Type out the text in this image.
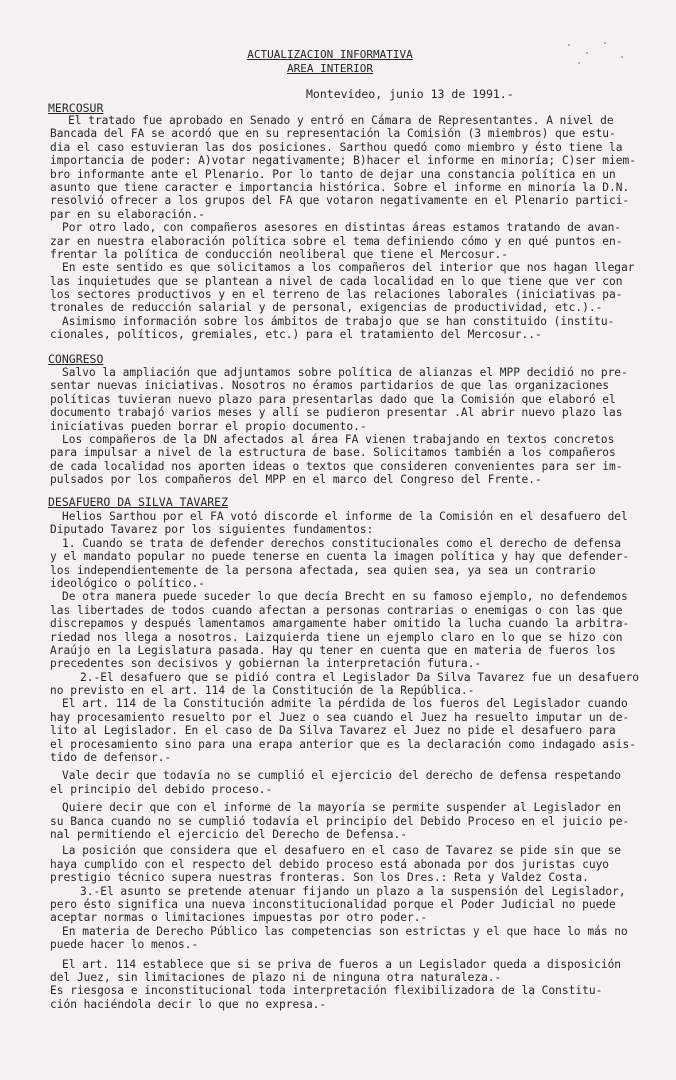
ACTUALIZACION INFORMATIVA
AREA INTERIOR
Montevideo, junio 13 de 1991.-
MERCOSUR
El tratado fue aprobado en Senado y entró en Cámara de Representantes. A nivel de
Bancada del FA se acordó que en su representación la Comisión (3 miembros) que estu-
dia el caso estuvieran las dos posiciones. Sarthou quedó como miembro y ésto tiene la
importancia de poder: A)votar negativamente; B)hacer el informe en minoría; C)ser miem-
bro informante ante el Plenario. Por lo tanto de dejar una constancia política en un
asunto que tiene caracter e importancia histórica. Sobre el informe en minoría la D.N.
resolvió ofrecer a los grupos del FA que votaron negativamente en el Plenario partici-
par en su elaboración.-
Por otro lado, con compañeros asesores en distintas áreas estamos tratando de avan-
zar en nuestra elaboración política sobre el tema definiendo cómo y en qué puntos en-
frentar la política de conducción neoliberal que tiene el Mercosur.-
En este sentido es que solicitamos a los compañeros del interior que nos hagan llegar
las inquietudes que se plantean a nivel de cada localidad en lo que tiene que ver con
los sectores productivos y en el terreno de las relaciones laborales (iniciativas pa-
tronales de reducción salarial y de personal, exigencias de productividad, etc.).-
Asimismo información sobre los ámbitos de trabajo que se han constituido (institu-
cionales, políticos, gremiales, etc.) para el tratamiento del Mercosur..-
CONGRESO
Salvo la ampliación que adjuntamos sobre política de alianzas el MPP decidió no pre-
sentar nuevas iniciativas. Nosotros no éramos partidarios de que las organizaciones
políticas tuvieran nuevo plazo para presentarlas dado que la Comisión que elaboró el
documento trabajó varios meses y allí se pudieron presentar .Al abrir nuevo plazo las
iniciativas pueden borrar el propio documento.-
Los compañeros de la DN afectados al área FA vienen trabajando en textos concretos
para impulsar a nivel de la estructura de base. Solicitamos también a los compañeros
de cada localidad nos aporten ideas o textos que consideren convenientes para ser im-
pulsados por los compañeros del MPP en el marco del Congreso del Frente.-
DESAFUERO DA SILVA TAVAREZ
Helios Sarthou por el FA votó discorde el informe de la Comisión en el desafuero del
Diputado Tavarez por los siguientes fundamentos:
1. Cuando se trata de defender derechos constitucionales como el derecho de defensa
y el mandato popular no puede tenerse en cuenta la imagen política y hay que defender-
los independientemente de la persona afectada, sea quien sea, ya sea un contrario
ideológico o político.-
De otra manera puede suceder lo que decía Brecht en su famoso ejemplo, no defendemos
las libertades de todos cuando afectan a personas contrarias o enemigas o con las que
discrepamos y después lamentamos amargamente haber omitido la lucha cuando la arbitra-
riedad nos llega a nosotros. Laizquierda tiene un ejemplo claro en lo que se hizo con
Araújo en la Legislatura pasada. Hay qu tener en cuenta que en materia de fueros los
precedentes son decisivos y gobiernan la interpretación futura.-
2.-El desafuero que se pidió contra el Legislador Da Silva Tavarez fue un desafuero
no previsto en el art. 114 de la Constitución de la República.-
El art. 114 de la Constitución admite la pérdida de los fueros del Legislador cuando
hay procesamiento resuelto por el Juez o sea cuando el Juez ha resuelto imputar un de-
lito al Legislador. En el caso de Da Silva Tavarez el Juez no pide el desafuero para
el procesamiento sino para una erapa anterior que es la declaración como indagado asis-
tido de defensor.-
Vale decir que todavía no se cumplió el ejercicio del derecho de defensa respetando
el principio del debido proceso.-
Quiere decir que con el informe de la mayoría se permite suspender al Legislador en
su Banca cuando no se cumplió todavía el principio del Debido Proceso en el juicio pe-
nal permitiendo el ejercicio del Derecho de Defensa.-
La posición que considera que el desafuero en el caso de Tavarez se pide sin que se
haya cumplido con el respecto del debido proceso está abonada por dos juristas cuyo
prestigio técnico supera nuestras fronteras. Son los Dres.: Reta y Valdez Costa.
3.-El asunto se pretende atenuar fijando un plazo a la suspensión del Legislador,
pero ésto significa una nueva inconstitucionalidad porque el Poder Judicial no puede
aceptar normas o limitaciones impuestas por otro poder.-
En materia de Derecho Público las competencias son estrictas y el que hace lo más no
puede hacer lo menos.-
El art. 114 establece que si se priva de fueros a un Legislador queda a disposición
del Juez, sin limitaciones de plazo ni de ninguna otra naturaleza.-
Es riesgosa e inconstitucional toda interpretación flexibilizadora de la Constitu-
ción haciéndola decir lo que no expresa.-
